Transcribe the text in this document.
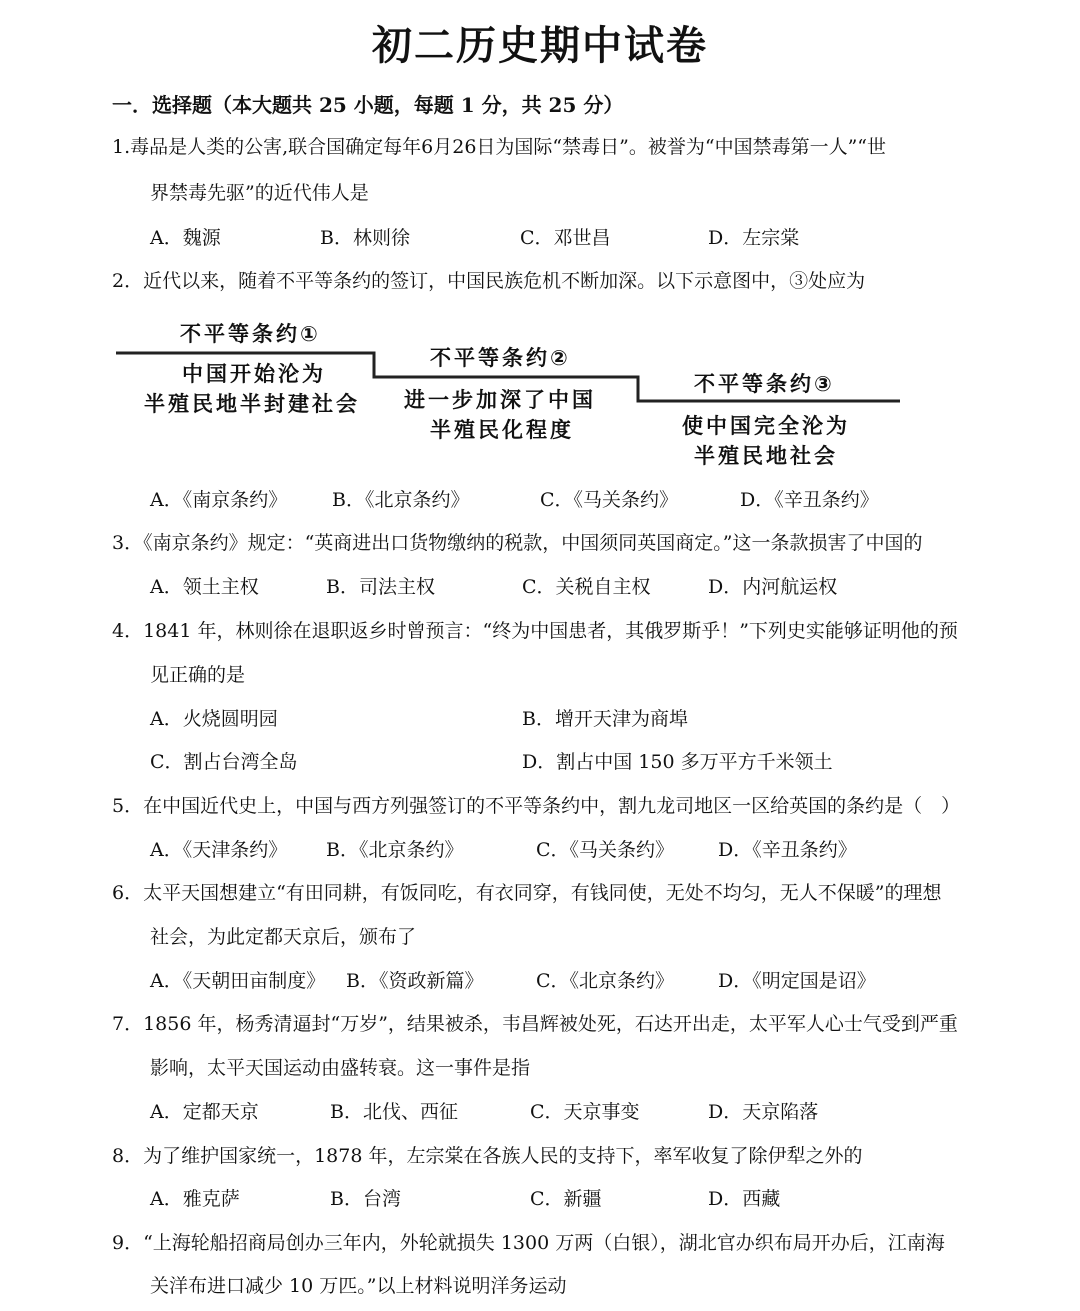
初二历史期中试卷
一．选择题（本大题共 25 小题，每题 1 分，共 25 分）
1.毒品是人类的公害,联合国确定每年6月26日为国际“禁毒日”。被誉为“中国禁毒第一人”“世
界禁毒先驱”的近代伟人是
A．魏源	B．林则徐	C．邓世昌	D．左宗棠
2．近代以来，随着不平等条约的签订，中国民族危机不断加深。以下示意图中，③处应为
不平等条约①
中国开始沦为
半殖民地半封建社会
不平等条约②
进一步加深了中国
半殖民化程度
不平等条约③
使中国完全沦为
半殖民地社会
A．《南京条约》 B．《北京条约》	C．《马关条约》	D．《辛丑条约》
3．《南京条约》规定：“英商进出口货物缴纳的税款，中国须同英国商定。”这一条款损害了中国的
A．领土主权	B．司法主权	C．关税自主权	D．内河航运权
4．1841 年，林则徐在退职返乡时曾预言：“终为中国患者，其俄罗斯乎！”下列史实能够证明他的预
见正确的是
A．火烧圆明园	B．增开天津为商埠
C．割占台湾全岛	D．割占中国 150 多万平方千米领土
5．在中国近代史上，中国与西方列强签订的不平等条约中，割九龙司地区一区给英国的条约是（　）
A．《天津条约》 B．《北京条约》	C．《马关条约》 D．《辛丑条约》
6．太平天国想建立“有田同耕，有饭同吃，有衣同穿，有钱同使，无处不均匀，无人不保暖”的理想
社会，为此定都天京后，颁布了
A．《天朝田亩制度》 B．《资政新篇》	C．《北京条约》 D．《明定国是诏》
7．1856 年，杨秀清逼封“万岁”，结果被杀，韦昌辉被处死，石达开出走，太平军人心士气受到严重
影响，太平天国运动由盛转衰。这一事件是指
A．定都天京	B．北伐、西征	C．天京事变	D．天京陷落
8．为了维护国家统一，1878 年，左宗棠在各族人民的支持下，率军收复了除伊犁之外的
A．雅克萨	B．台湾	C．新疆	D．西藏
9．“上海轮船招商局创办三年内，外轮就损失 1300 万两（白银），湖北官办织布局开办后，江南海
关洋布进口减少 10 万匹。”以上材料说明洋务运动
